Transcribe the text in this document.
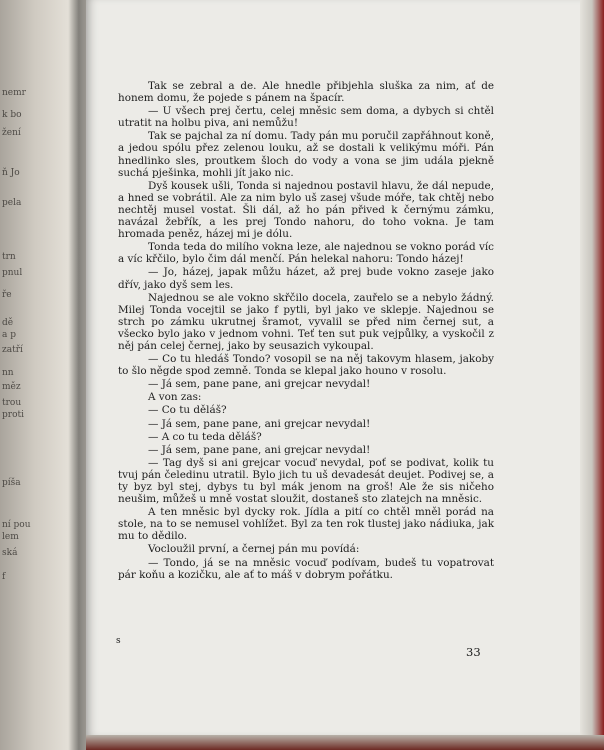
nemr
k bo
žení
ň Jo
pela
trn
pnul
ře
dě
a p
zatří
nn
měz
trou
proti
píša
ní pou
lem
ská
f

Tak se zebral a de. Ale hnedle přibjehla sluška za nim, ať de honem domu, že pojede s pánem na špacír.

— U všech prej čertu, celej mněsic sem doma, a dybych si chtěl utratit na holbu piva, ani nemůžu!

Tak se pajchal za ní domu. Tady pán mu poručil zapřáhnout koně, a jedou spólu přez zelenou louku, až se dostali k velikýmu móři. Pán hnedlinko sles, proutkem šloch do vody a vona se jim udála pjekně suchá pješinka, mohli jít jako nic.

Dyš kousek ušli, Tonda si najednou postavil hlavu, že dál nepude, a hned se vobrátil. Ale za nim bylo uš zasej všude móře, tak chtěj nebo nechtěj musel vostat. Šli dál, až ho pán přived k černýmu zámku, navázal žebřík, a les prej Tondo nahoru, do toho vokna. Je tam hromada peněz, házej mi je dólu.

Tonda teda do milího vokna leze, ale najednou se vokno porád víc a víc křčilo, bylo čim dál menčí. Pán helekal nahoru: Tondo házej!

— Jo, házej, japak můžu házet, až prej bude vokno zaseje jako dřív, jako dyš sem les.

Najednou se ale vokno skřčilo docela, zauřelo se a nebylo žádný. Milej Tonda vocejtil se jako f pytli, byl jako ve sklepje. Najednou se strch po zámku ukrutnej šramot, vyvalil se před nim černej sut, a všecko bylo jako v jednom vohni. Teť ten sut puk vejpůlky, a vyskočil z něj pán celej černej, jako by seusazich vykoupal.

— Co tu hledáš Tondo? vosopil se na něj takovym hlasem, jakoby to šlo něgde spod zemně. Tonda se klepal jako houno v rosolu.

— Já sem, pane pane, ani grejcar nevydal!

A von zas:

— Co tu děláš?

— Já sem, pane pane, ani grejcar nevydal!

— A co tu teda děláš?

— Já sem, pane pane, ani grejcar nevydal!

— Tag dyš si ani grejcar vocuď nevydal, poť se podivat, kolik tu tvuj pán čeledinu utratil. Bylo jich tu uš devadesát deujet. Podivej se, a ty byz byl stej, dybys tu byl mák jenom na groš! Ale že sis ničeho neušim, můžeš u mně vostat sloužit, dostaneš sto zlatejch na mněsic.

A ten mněsic byl dycky rok. Jídla a pití co chtěl mněl porád na stole, na to se nemusel vohlížet. Byl za ten rok tlustej jako nádiuka, jak mu to dědilo.

Vocloužil první, a černej pán mu povídá:

— Tondo, já se na mněsic vocuď podívam, budeš tu vopatrovat pár koňu a kozičku, ale ať to máš v dobrym pořátku.

s
33
